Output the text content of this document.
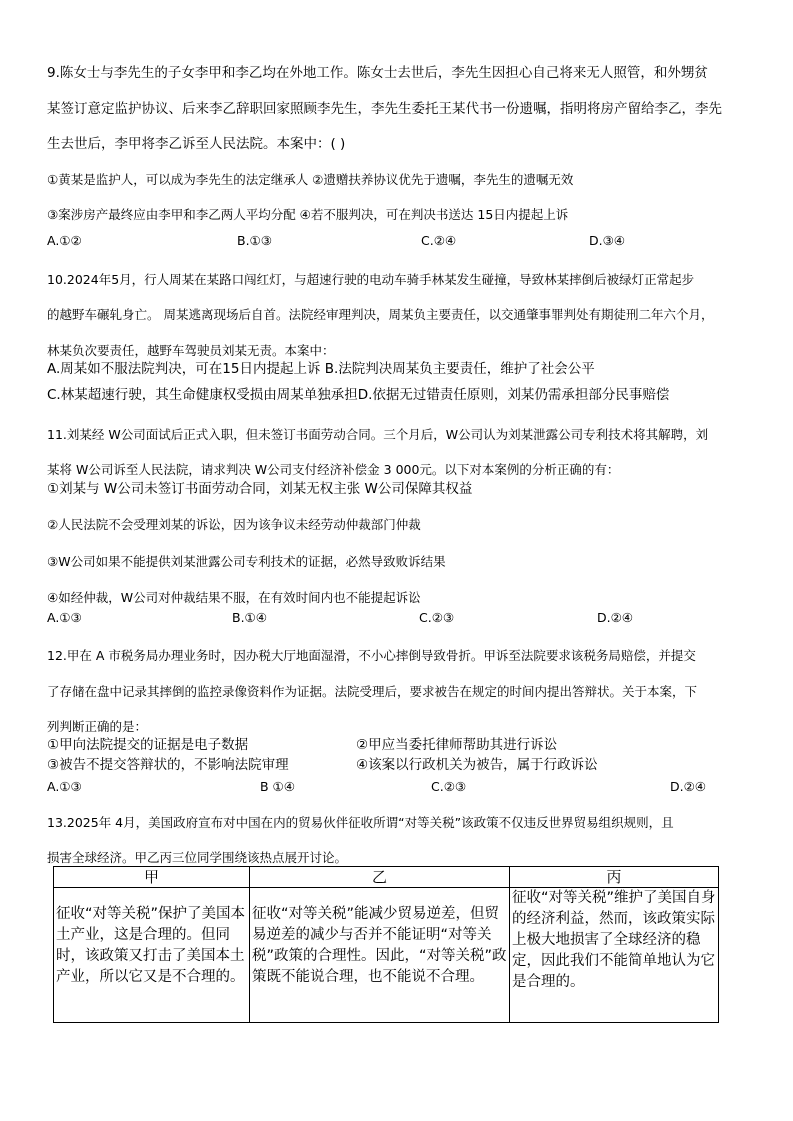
9.陈女士与李先生的子女李甲和李乙均在外地工作。陈女士去世后，李先生因担心自己将来无人照管，和外甥贫
某签订意定监护协议、后来李乙辞职回家照顾李先生，李先生委托王某代书一份遗嘱，指明将房产留给李乙，李先
生去世后，李甲将李乙诉至人民法院。本案中：( )
①黄某是监护人，可以成为李先生的法定继承人 ②遗赠扶养协议优先于遗嘱，李先生的遗嘱无效
③案涉房产最终应由李甲和李乙两人平均分配 ④若不服判决，可在判决书送达 15日内提起上诉
A.①②	B.①③	C.②④	D.③④
10.2024年5月，行人周某在某路口闯红灯，与超速行驶的电动车骑手林某发生碰撞，导致林某摔倒后被绿灯正常起步
的越野车碾轧身亡。 周某逃离现场后自首。法院经审理判决，周某负主要责任，以交通肇事罪判处有期徒刑二年六个月，
林某负次要责任，越野车驾驶员刘某无责。本案中：
A.周某如不服法院判决，可在15日内提起上诉 B.法院判决周某负主要责任，维护了社会公平
C.林某超速行驶，其生命健康权受损由周某单独承担D.依据无过错责任原则，刘某仍需承担部分民事赔偿
11.刘某经 W公司面试后正式入职，但未签订书面劳动合同。三个月后，W公司认为刘某泄露公司专利技术将其解聘，刘
某将 W公司诉至人民法院，请求判决 W公司支付经济补偿金 3 000元。以下对本案例的分析正确的有：
①刘某与 W公司未签订书面劳动合同，刘某无权主张 W公司保障其权益
②人民法院不会受理刘某的诉讼，因为该争议未经劳动仲裁部门仲裁
③W公司如果不能提供刘某泄露公司专利技术的证据，必然导致败诉结果
④如经仲裁，W公司对仲裁结果不服，在有效时间内也不能提起诉讼
A.①③	B.①④	C.②③	D.②④
12.甲在 A 市税务局办理业务时，因办税大厅地面湿滑，不小心摔倒导致骨折。甲诉至法院要求该税务局赔偿，并提交
了存储在盘中记录其摔倒的监控录像资料作为证据。法院受理后，要求被告在规定的时间内提出答辩状。关于本案，下
列判断正确的是：
①甲向法院提交的证据是电子数据	②甲应当委托律师帮助其进行诉讼
③被告不提交答辩状的，不影响法院审理	④该案以行政机关为被告，属于行政诉讼
A.①③	B ①④	C.②③	D.②④
13.2025年 4月，美国政府宣布对中国在内的贸易伙伴征收所谓“对等关税”该政策不仅违反世界贸易组织规则，且
损害全球经济。甲乙丙三位同学围绕该热点展开讨论。
甲	乙	丙

征收“对等关税”保护了美国本土产业，这是合理的。但同时，该政策又打击了美国本土产业，所以它又是不合理的。	征收“对等关税”能减少贸易逆差，但贸易逆差的减少与否并不能证明“对等关税”政策的合理性。因此，“对等关税”政策既不能说合理，也不能说不合理。	征收“对等关税”维护了美国自身的经济利益，然而，该政策实际上极大地损害了全球经济的稳定，因此我们不能简单地认为它是合理的。
